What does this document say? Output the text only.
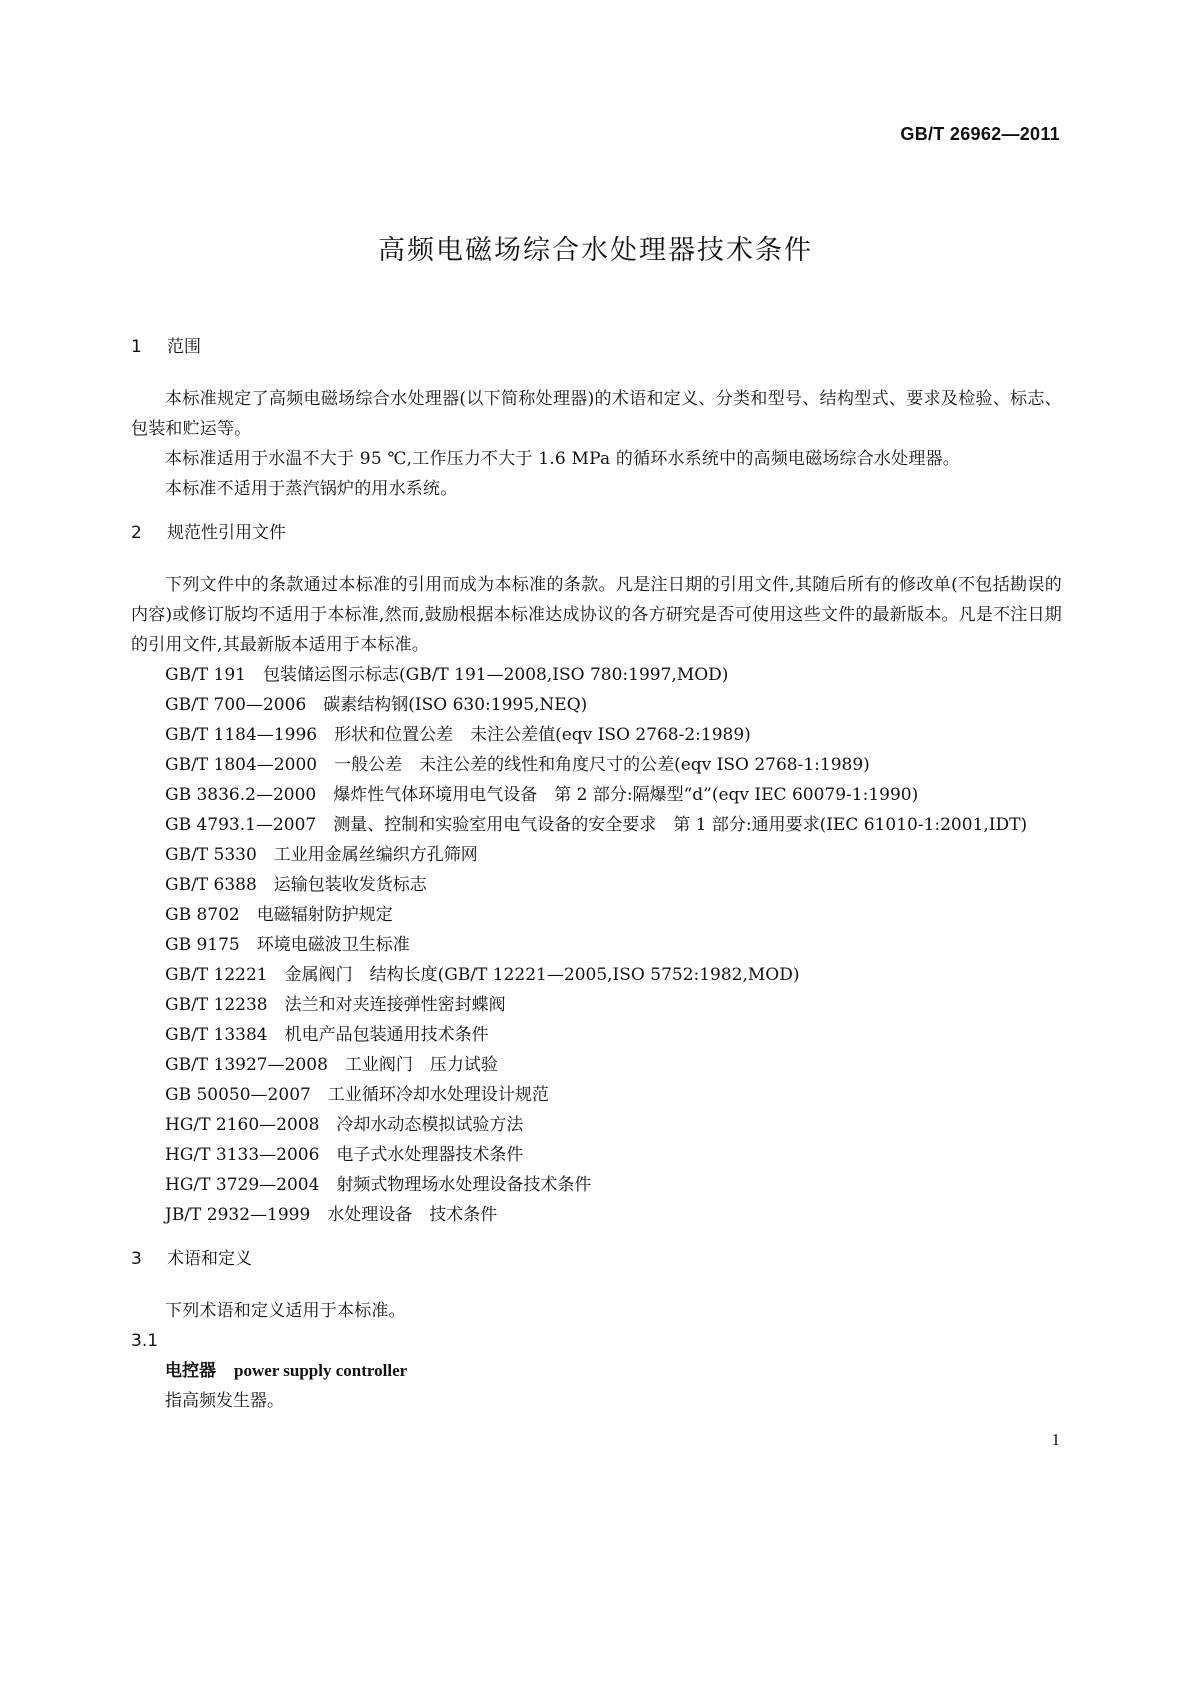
GB/T 26962—2011
高频电磁场综合水处理器技术条件
1 范围

本标准规定了高频电磁场综合水处理器(以下简称处理器)的术语和定义、分类和型号、结构型式、要求及检验、标志、包装和贮运等。

本标准适用于水温不大于 95 ℃,工作压力不大于 1.6 MPa 的循环水系统中的高频电磁场综合水处理器。

本标准不适用于蒸汽锅炉的用水系统。

2 规范性引用文件

下列文件中的条款通过本标准的引用而成为本标准的条款。凡是注日期的引用文件,其随后所有的修改单(不包括勘误的内容)或修订版均不适用于本标准,然而,鼓励根据本标准达成协议的各方研究是否可使用这些文件的最新版本。凡是不注日期的引用文件,其最新版本适用于本标准。

GB/T 191　包装储运图示标志(GB/T 191—2008,ISO 780:1997,MOD)

GB/T 700—2006　碳素结构钢(ISO 630:1995,NEQ)

GB/T 1184—1996　形状和位置公差　未注公差值(eqv ISO 2768-2:1989)

GB/T 1804—2000　一般公差　未注公差的线性和角度尺寸的公差(eqv ISO 2768-1:1989)

GB 3836.2—2000　爆炸性气体环境用电气设备　第 2 部分:隔爆型“d”(eqv IEC 60079-1:1990)

GB 4793.1—2007　测量、控制和实验室用电气设备的安全要求　第 1 部分:通用要求(IEC 61010-1:2001,IDT)

GB/T 5330　工业用金属丝编织方孔筛网

GB/T 6388　运输包装收发货标志

GB 8702　电磁辐射防护规定

GB 9175　环境电磁波卫生标准

GB/T 12221　金属阀门　结构长度(GB/T 12221—2005,ISO 5752:1982,MOD)

GB/T 12238　法兰和对夹连接弹性密封蝶阀

GB/T 13384　机电产品包装通用技术条件

GB/T 13927—2008　工业阀门　压力试验

GB 50050—2007　工业循环冷却水处理设计规范

HG/T 2160—2008　冷却水动态模拟试验方法

HG/T 3133—2006　电子式水处理器技术条件

HG/T 3729—2004　射频式物理场水处理设备技术条件

JB/T 2932—1999　水处理设备　技术条件

3 术语和定义

下列术语和定义适用于本标准。

3.1

电控器 power supply controller

指高频发生器。

1
